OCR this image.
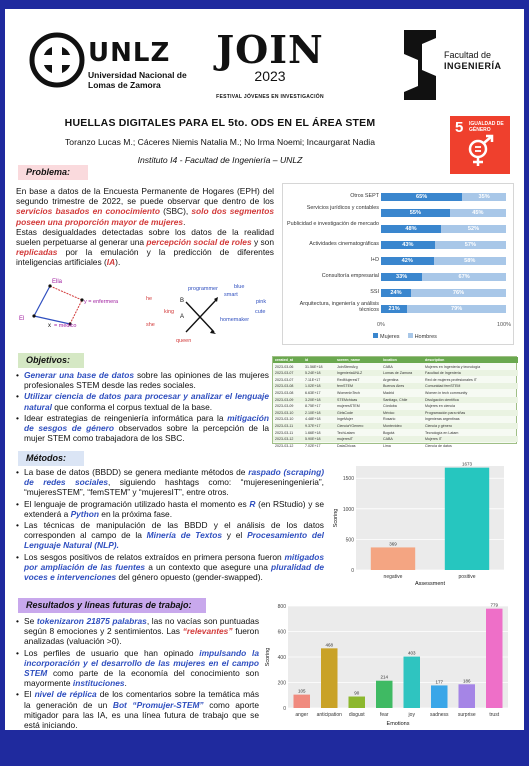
UNLZ
Universidad Nacional de Lomas de Zamora
JOIN
2023
FESTIVAL JÓVENES EN INVESTIGACIÓN
Facultad de
INGENIERÍA
HUELLAS DIGITALES PARA EL 5to. ODS EN EL ÁREA STEM
Toranzo Lucas M.; Cáceres Niemis Natalia M.; No Irma Noemi; Incaurgarat Nadia
Instituto I4 - Facultad de Ingeniería – UNLZ
5 IGUALDAD DE GÉNERO
Problema:

En base a datos de la Encuesta Permanente de Hogares (EPH) del segundo trimestre de 2022, se puede observar que dentro de los servicios basados en conocimiento (SBC), solo dos segmentos poseen una proporción mayor de mujeres.

Estas desigualdades detectadas sobre los datos de la realidad suelen perpetuarse al generar una percepción social de roles y son replicadas por la emulación y la predicción de diferentes inteligencias artificiales (IA).

Otros SEPT	65%	35%
Servicios jurídicos y contables
55%	45%
Publicidad e investigación de mercado
48%	52%
Actividades cinematográficas	43%	57%
I+D	42%	58%
Consultoría empresarial	33%	67%
SSI	24%	76%
Arquitectura, ingeniería y análisis técnicos	21%	79%
0%	100%
Mujeres	Hombres
Ella
El
x
y = enfermera
= médico
programmer	blue
smart
pink
he
king
B
A
cute
homemaker
she
queen
Objetivos:
• Generar una base de datos sobre las opiniones de las mujeres profesionales STEM desde las redes sociales.
• Utilizar ciencia de datos para procesar y analizar el lenguaje natural que conforma el corpus textual de la base.
• Idear estrategias de reingeniería informática para la mitigación de sesgos de género observados sobre la percepción de la mujer STEM como trabajadora de los SBC.
created_at	id	screen_name	location	description
2023-03-06	31.56E+18	JoinStemArg	CABA	Mujeres en Ingeniería y tecnología
2023-03-07	5.24E+18	IngenieriaUNLZ	Lomas de Zamora	Facultad de Ingeniería
2023-03-07	7.11E+17	RedMujeresIT	Argentina	Red de mujeres profesionales IT
2023-03-08	1.02E+18	femSTEM	Buenos Aires	Comunidad femSTEM
2023-03-08	6.63E+17	WomenInTech	Madrid	Women in tech community
2023-03-09	3.20E+18	STEMchicas	Santiago, Chile	Divulgación científica
2023-03-09	8.75E+17	mujeresSTEM	Córdoba	Mujeres en ciencia
2023-03-10	2.10E+18	GirlsCode	México	Programación para niñas
2023-03-10	4.48E+18	IngeMujer	Rosario	Ingenieras argentinas
2023-03-11	9.37E+17	CienciaYGenero	Montevideo	Ciencia y género
2023-03-11	1.66E+18	TechLatam	Bogotá	Tecnología en Latam
2023-03-12	5.90E+18	mujeresIT	CABA	Mujeres IT
2023-03-12	7.02E+17	DataChicas	Lima	Ciencia de datos
Métodos:
• La base de datos (BBDD) se genera mediante métodos de raspado (scraping) de redes sociales, siguiendo hashtags como: “mujereseningenieria”, “mujeresSTEM”, “femSTEM” y “mujeresIT”, entre otros.
• El lenguaje de programación utilizado hasta el momento es R (en RStudio) y se extenderá a Python en la próxima fase.
• Las técnicas de manipulación de las BBDD y el análisis de los datos corresponden al campo de la Minería de Textos y el Procesamiento del Lenguaje Natural (NLP).
• Los sesgos positivos de relatos extraídos en primera persona fueron mitigados por ampliación de las fuentes a un contexto que asegure una pluralidad de voces e intervenciones del género opuesto (gender-swapped).
0
500
1000
1500
369
negative
1673
positive
Assessment
Scoring
Resultados y líneas futuras de trabajo:
• Se tokenizaron 21875 palabras, las no vacías son puntuadas según 8 emociones y 2 sentimientos. Las “relevantes” fueron analizadas (valuación >0).
• Los perfiles de usuario que han opinado impulsando la incorporación y el desarrollo de las mujeres en el campo STEM como parte de la economía del conocimiento son mayormente instituciones.
• El nivel de réplica de los comentarios sobre la temática más la generación de un Bot “Promujer-STEM” como aporte mitigador para las IA, es una línea futura de trabajo que se está iniciando.
0
200
400
600
800
105
anger
468
anticipation
90
disgust
214
fear
403
joy
177
sadness
186
surprise
779
trust
Emotions
Scoring
